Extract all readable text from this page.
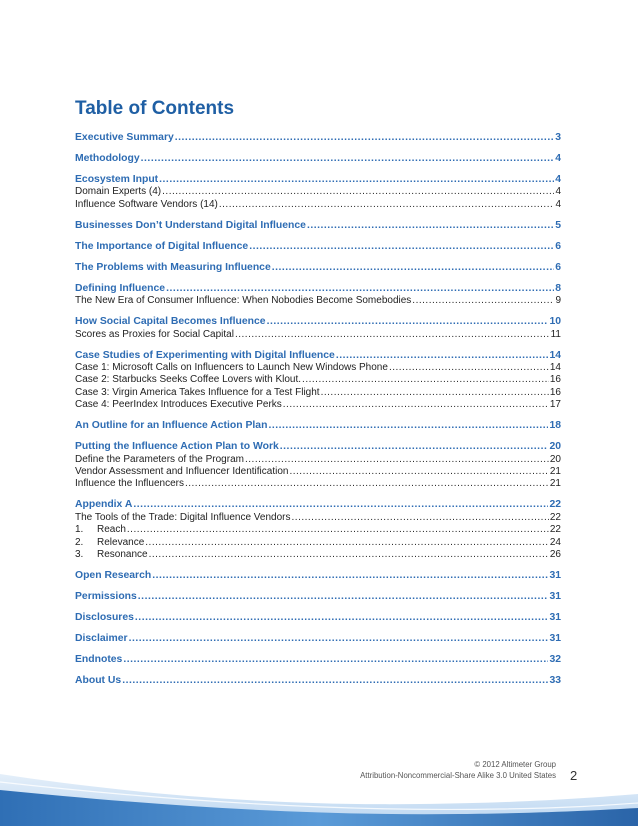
Table of Contents
Executive Summary .....	3
Methodology .....	4
Ecosystem Input .....	4
Domain Experts (4) .....	4
Influence Software Vendors (14) .....	4
Businesses Don’t Understand Digital Influence .....	5
The Importance of Digital Influence .....	6
The Problems with Measuring Influence .....	6
Defining Influence .....	8
The New Era of Consumer Influence: When Nobodies Become Somebodies .....	9
How Social Capital Becomes Influence .....	10
Scores as Proxies for Social Capital .....	11
Case Studies of Experimenting with Digital Influence .....	14
Case 1: Microsoft Calls on Influencers to Launch New Windows Phone .....	14
Case 2: Starbucks Seeks Coffee Lovers with Klout. .....	16
Case 3: Virgin America Takes Influence for a Test Flight .....	16
Case 4: PeerIndex Introduces Executive Perks .....	17
An Outline for an Influence Action Plan .....	18
Putting the Influence Action Plan to Work .....	20
Define the Parameters of the Program .....	20
Vendor Assessment and Influencer Identification .....	21
Influence the Influencers .....	21
Appendix A .....	22
The Tools of the Trade: Digital Influence Vendors .....	22
1. Reach .....	22
2. Relevance .....	24
3. Resonance .....	26
Open Research .....	31
Permissions .....	31
Disclosures .....	31
Disclaimer .....	31
Endnotes .....	32
About Us .....	33
© 2012 Altimeter Group
Attribution-Noncommercial-Share Alike 3.0 United States 2
